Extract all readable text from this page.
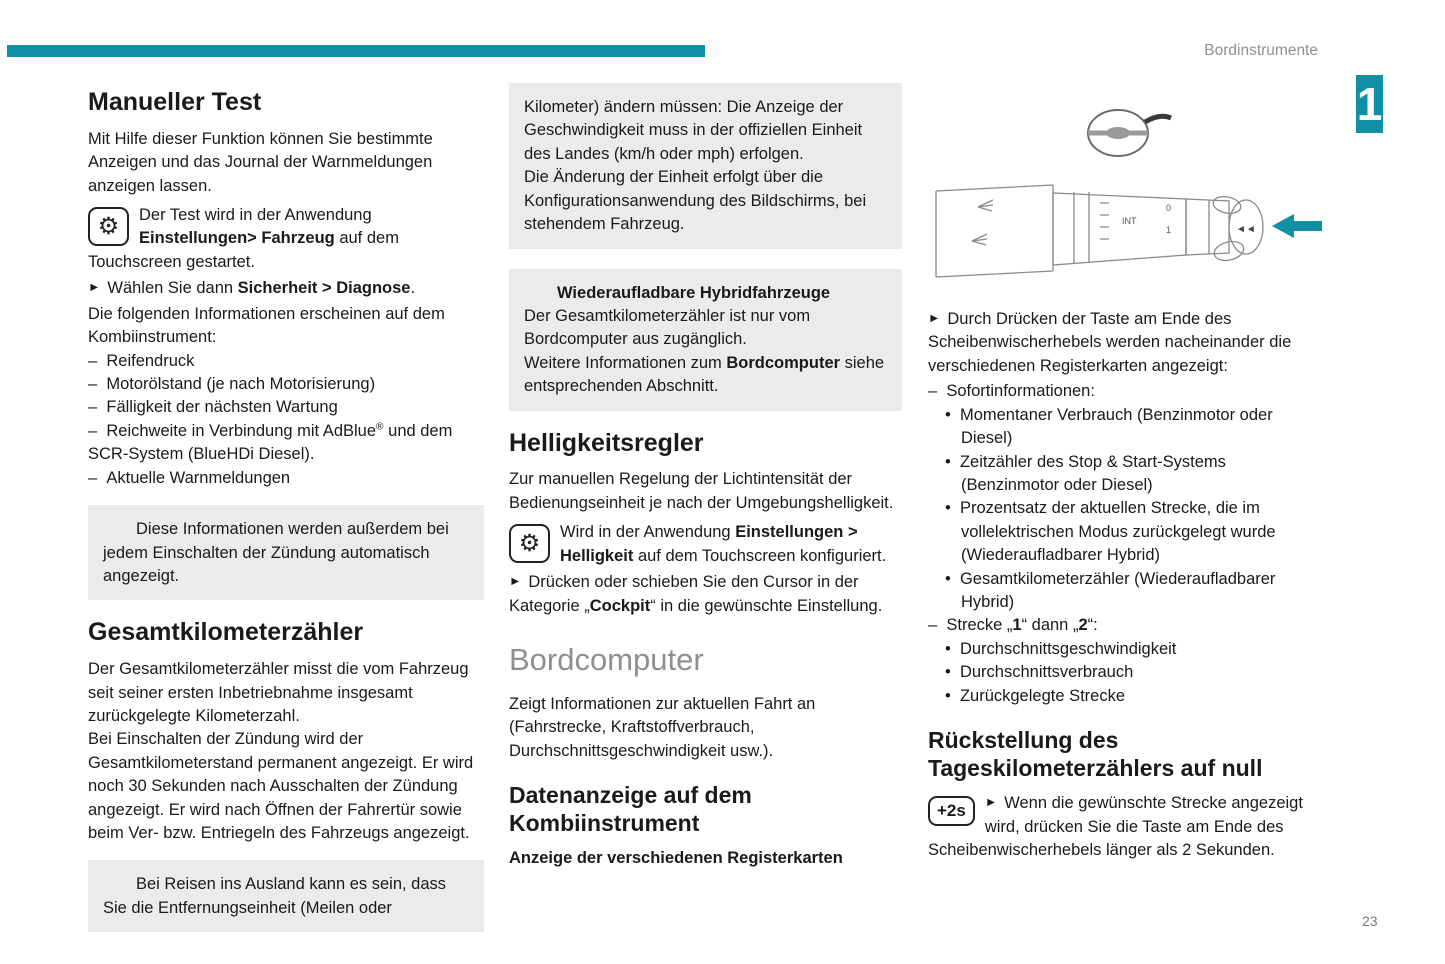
Bordinstrumente
1
23
Manueller Test

Mit Hilfe dieser Funktion können Sie bestimmte Anzeigen und das Journal der Warnmeldungen anzeigen lassen.

⚙ Der Test wird in der Anwendung Einstellungen> Fahrzeug auf dem Touchscreen gestartet.

► Wählen Sie dann Sicherheit > Diagnose.

Die folgenden Informationen erscheinen auf dem Kombiinstrument:

–  Reifendruck
–  Motorölstand (je nach Motorisierung)
–  Fälligkeit der nächsten Wartung
–  Reichweite in Verbindung mit AdBlue® und dem SCR-System (BlueHDi Diesel).
–  Aktuelle Warnmeldungen
Diese Informationen werden außerdem bei jedem Einschalten der Zündung automatisch angezeigt.
Gesamtkilometerzähler

Der Gesamtkilometerzähler misst die vom Fahrzeug seit seiner ersten Inbetriebnahme insgesamt zurückgelegte Kilometerzahl.

Bei Einschalten der Zündung wird der Gesamtkilometerstand permanent angezeigt. Er wird noch 30 Sekunden nach Ausschalten der Zündung angezeigt. Er wird nach Öffnen der Fahrertür sowie beim Ver- bzw. Entriegeln des Fahrzeugs angezeigt.

Bei Reisen ins Ausland kann es sein, dass Sie die Entfernungseinheit (Meilen oder

Kilometer) ändern müssen: Die Anzeige der Geschwindigkeit muss in der offiziellen Einheit des Landes (km/h oder mph) erfolgen.

Die Änderung der Einheit erfolgt über die Konfigurationsanwendung des Bildschirms, bei stehendem Fahrzeug.

Wiederaufladbare Hybridfahrzeuge

Der Gesamtkilometerzähler ist nur vom Bordcomputer aus zugänglich.

Weitere Informationen zum Bordcomputer siehe entsprechenden Abschnitt.

Helligkeitsregler

Zur manuellen Regelung der Lichtintensität der Bedienungseinheit je nach der Umgebungshelligkeit.

⚙ Wird in der Anwendung Einstellungen > Helligkeit auf dem Touchscreen konfiguriert.

► Drücken oder schieben Sie den Cursor in der Kategorie „Cockpit“ in die gewünschte Einstellung.

Bordcomputer

Zeigt Informationen zur aktuellen Fahrt an (Fahrstrecke, Kraftstoffverbrauch, Durchschnittsgeschwindigkeit usw.).

Datenanzeige auf dem Kombiinstrument
Anzeige der verschiedenen Registerkarten
INT
0
1	◄◄

► Durch Drücken der Taste am Ende des Scheibenwischerhebels werden nacheinander die verschiedenen Registerkarten angezeigt:

–  Sofortinformationen:
•  Momentaner Verbrauch (Benzinmotor oder Diesel)
•  Zeitzähler des Stop & Start-Systems (Benzinmotor oder Diesel)
•  Prozentsatz der aktuellen Strecke, die im vollelektrischen Modus zurückgelegt wurde (Wiederaufladbarer Hybrid)
•  Gesamtkilometerzähler (Wiederaufladbarer Hybrid)
–  Strecke „1“ dann „2“:
•  Durchschnittsgeschwindigkeit
•  Durchschnittsverbrauch
•  Zurückgelegte Strecke
Rückstellung des Tageskilometerzählers auf null
+2s	► Wenn die gewünschte Strecke angezeigt wird, drücken Sie die Taste am Ende des Scheibenwischerhebels länger als 2 Sekunden.
